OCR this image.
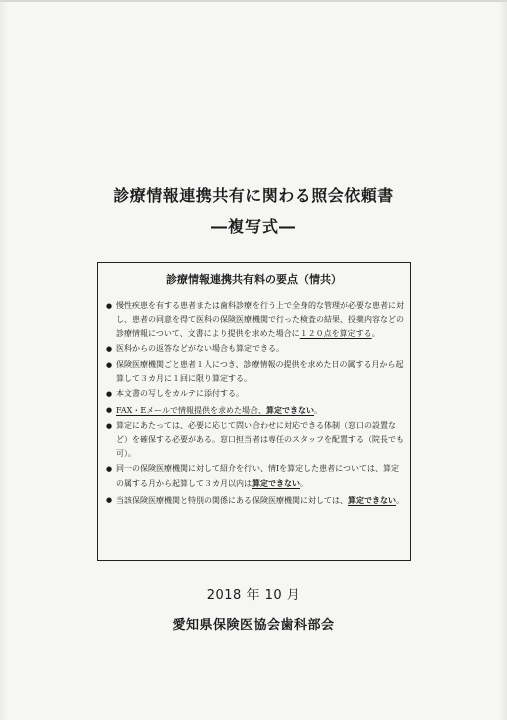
診療情報連携共有に関わる照会依頼書
―複写式―
診療情報連携共有料の要点（情共）
● 慢性疾患を有する患者または歯科診療を行う上で全身的な管理が必要な患者に対し、患者の同意を得て医科の保険医療機関で行った検査の結果、投薬内容などの診療情報について、文書により提供を求めた場合に１２０点を算定する。
● 医科からの返答などがない場合も算定できる。
● 保険医療機関ごと患者１人につき、診療情報の提供を求めた日の属する月から起算して３カ月に１回に限り算定する。
● 本文書の写しをカルテに添付する。
● FAX・Eメールで情報提供を求めた場合、算定できない。
● 算定にあたっては、必要に応じて問い合わせに対応できる体制（窓口の設置など）を確保する必要がある。窓口担当者は専任のスタッフを配置する（院長でも可）。
● 同一の保険医療機関に対して紹介を行い、情Ⅰを算定した患者については、算定の属する月から起算して３カ月以内は算定できない。
● 当該保険医療機関と特別の関係にある保険医療機関に対しては、算定できない。
2018 年 10 月
愛知県保険医協会歯科部会
